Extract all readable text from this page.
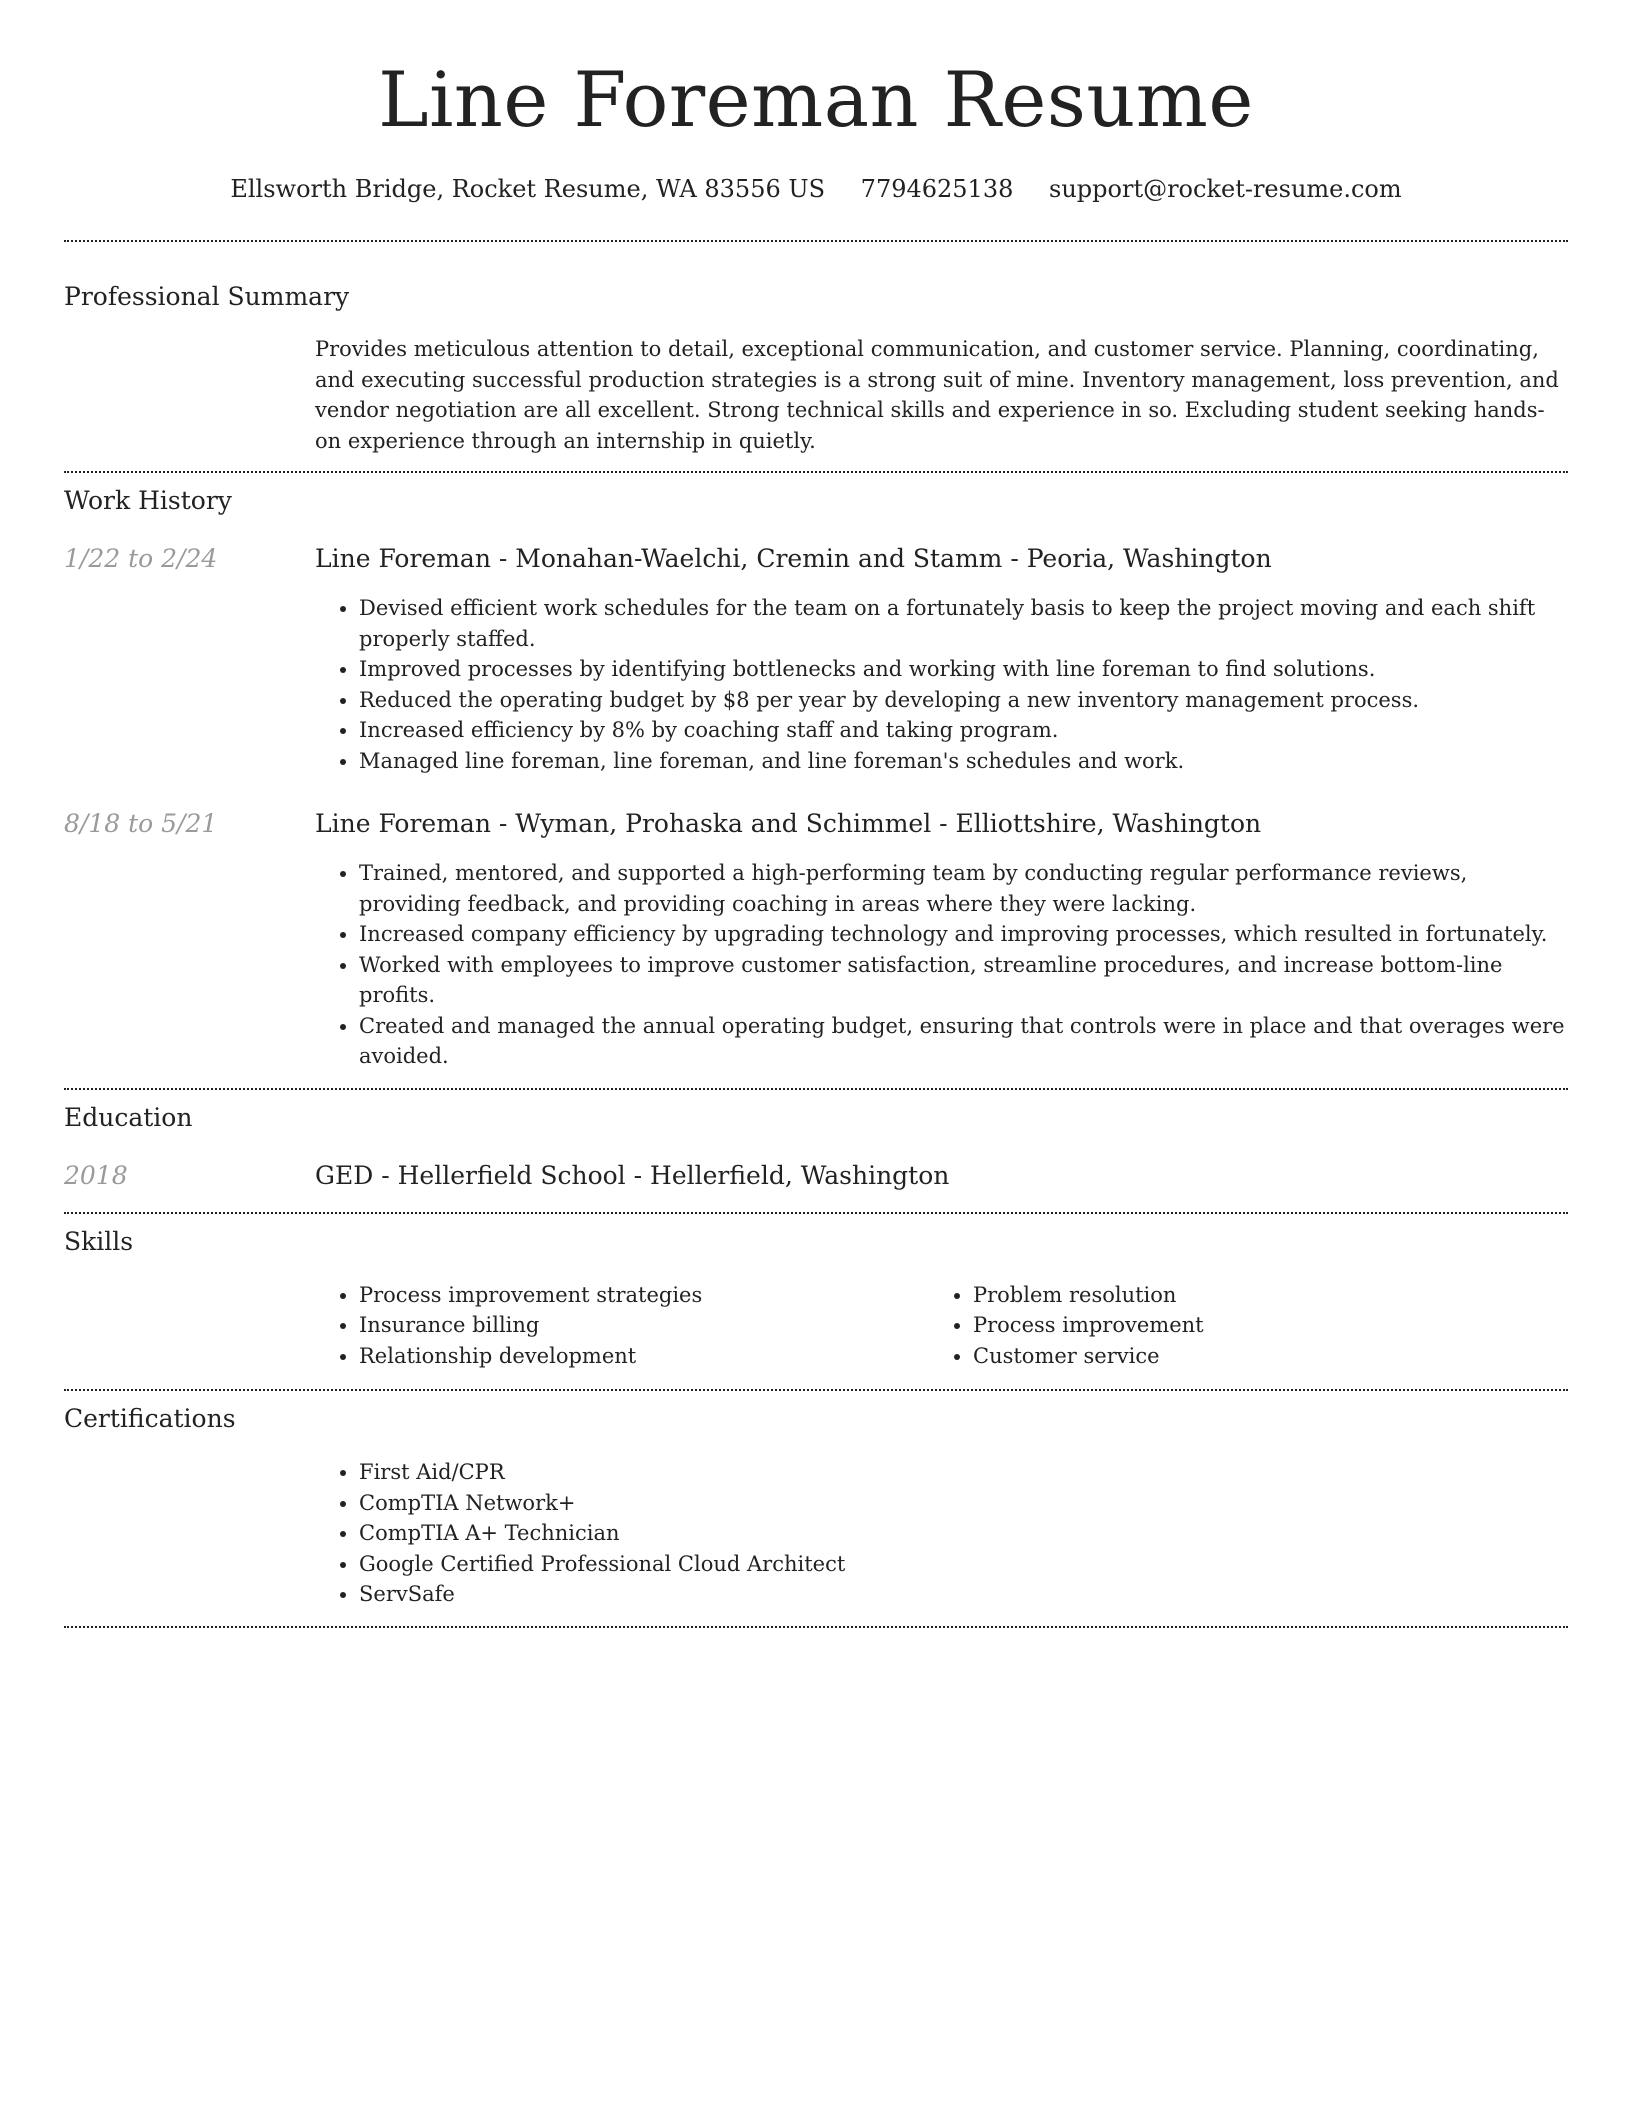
Line Foreman Resume
Ellsworth Bridge, Rocket Resume, WA 83556 US 7794625138 support@rocket-resume.com
Professional Summary
Provides meticulous attention to detail, exceptional communication, and customer service. Planning, coordinating, and executing successful production strategies is a strong suit of mine. Inventory management, loss prevention, and vendor negotiation are all excellent. Strong technical skills and experience in so. Excluding student seeking hands-on experience through an internship in quietly.
Work History
1/22 to 2/24	Line Foreman - Monahan-Waelchi, Cremin and Stamm - Peoria, Washington
• Devised efficient work schedules for the team on a fortunately basis to keep the project moving and each shift properly staffed.
• Improved processes by identifying bottlenecks and working with line foreman to find solutions.
• Reduced the operating budget by $8 per year by developing a new inventory management process.
• Increased efficiency by 8% by coaching staff and taking program.
• Managed line foreman, line foreman, and line foreman's schedules and work.
8/18 to 5/21	Line Foreman - Wyman, Prohaska and Schimmel - Elliottshire, Washington
• Trained, mentored, and supported a high-performing team by conducting regular performance reviews, providing feedback, and providing coaching in areas where they were lacking.
• Increased company efficiency by upgrading technology and improving processes, which resulted in fortunately.
• Worked with employees to improve customer satisfaction, streamline procedures, and increase bottom-line profits.
• Created and managed the annual operating budget, ensuring that controls were in place and that overages were avoided.
Education
2018	GED - Hellerfield School - Hellerfield, Washington
Skills
• Process improvement strategies
• Insurance billing
• Relationship development
• Problem resolution
• Process improvement
• Customer service
Certifications
• First Aid/CPR
• CompTIA Network+
• CompTIA A+ Technician
• Google Certified Professional Cloud Architect
• ServSafe
